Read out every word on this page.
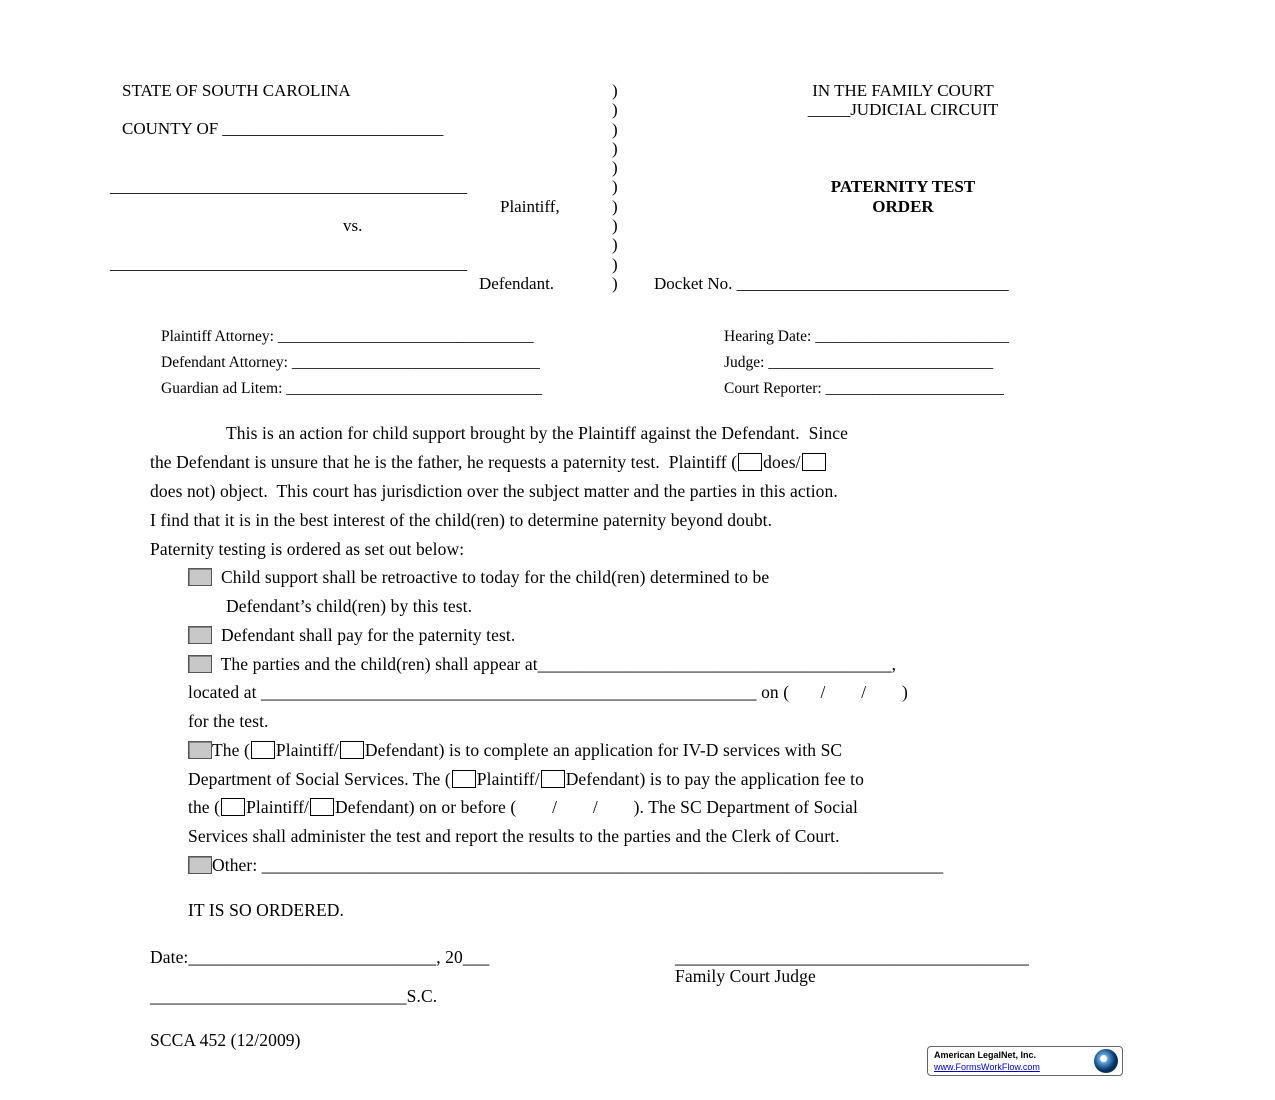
STATE OF SOUTH CAROLINA
COUNTY OF __________________________
__________________________________________
Plaintiff,
vs.
__________________________________________
Defendant.
)
)
)
)
)
)
)
)
)
)
)
IN THE FAMILY COURT
_____JUDICIAL CIRCUIT
PATERNITY TEST
ORDER
Docket No. ________________________________
Plaintiff Attorney: _________________________________
Defendant Attorney: ________________________________
Guardian ad Litem: _________________________________
Hearing Date: _________________________
Judge: _____________________________
Court Reporter: _______________________
This is an action for child support brought by the Plaintiff against the Defendant.  Since
the Defendant is unsure that he is the father, he requests a paternity test.  Plaintiff ( does/
does not) object.  This court has jurisdiction over the subject matter and the parties in this action.
I find that it is in the best interest of the child(ren) to determine paternity beyond doubt.
Paternity testing is ordered as set out below:
Child support shall be retroactive to today for the child(ren) determined to be
Defendant’s child(ren) by this test.
Defendant shall pay for the paternity test.
The parties and the child(ren) shall appear at________________________________________,
located at ________________________________________________________ on (       /        /        )
for the test.
The ( Plaintiff/ Defendant) is to complete an application for IV-D services with SC
Department of Social Services. The ( Plaintiff/ Defendant) is to pay the application fee to
the ( Plaintiff/ Defendant) on or before (        /        /        ). The SC Department of Social
Services shall administer the test and report the results to the parties and the Clerk of Court.
Other: _____________________________________________________________________________
IT IS SO ORDERED.
Date:____________________________, 20___	________________________________________
Family Court Judge
_____________________________S.C.
SCCA 452 (12/2009)
American LegalNet, Inc.
www.FormsWorkFlow.com
